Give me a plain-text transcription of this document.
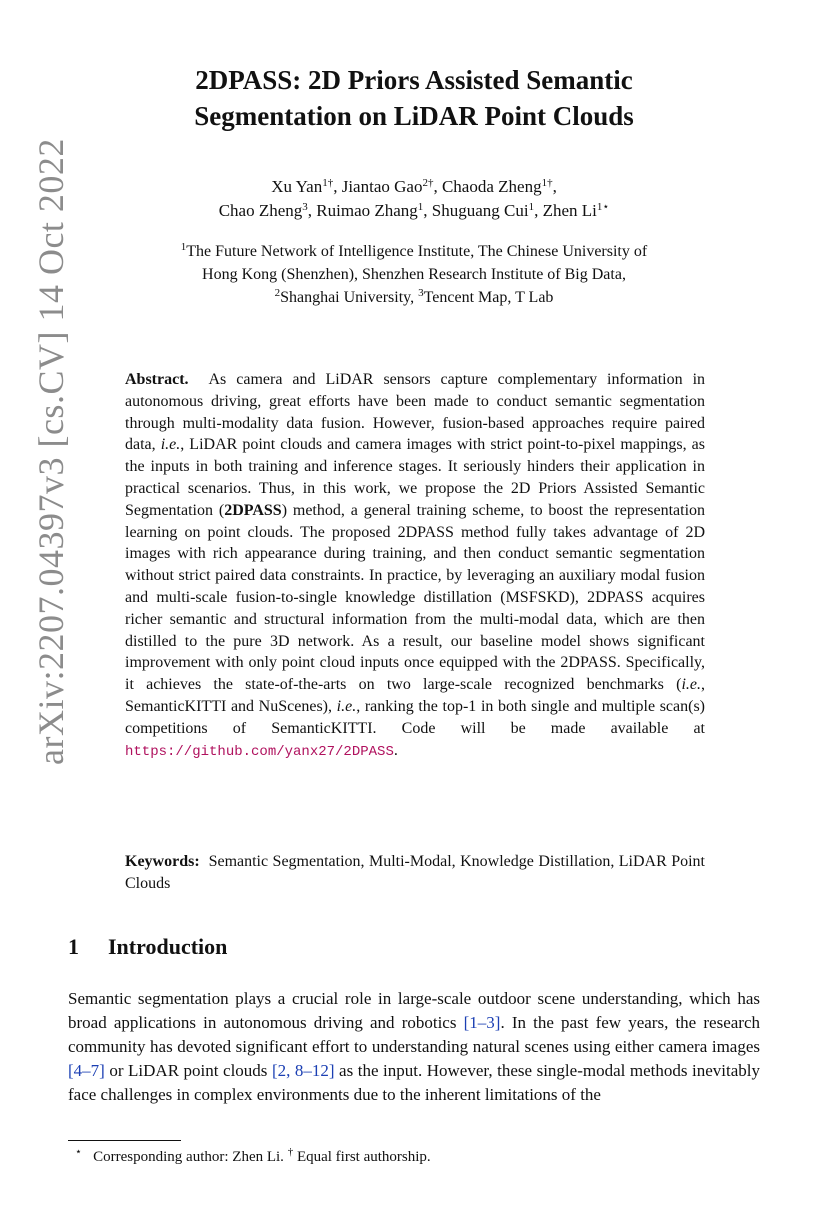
arXiv:2207.04397v3 [cs.CV] 14 Oct 2022
2DPASS: 2D Priors Assisted Semantic
Segmentation on LiDAR Point Clouds
Xu Yan$^{1\dagger}$, Jiantao Gao$^{2\dagger}$, Chaoda Zheng$^{1\dagger}$,
Chao Zheng$^3$, Ruimao Zhang$^1$, Shuguang Cui$^1$, Zhen $Li^{1⋆}$
$^1$The Future Network of Intelligence Institute, The Chinese University of
Hong Kong (Shenzhen), Shenzhen Research Institute of Big Data,
$^2$Shanghai University, $^3$Tencent Map, T Lab
Abstract. As camera and LiDAR sensors capture complementary information in autonomous driving, great efforts have been made to conduct semantic segmentation through multi-modality data fusion. However, fusion-based approaches require paired data, i.e., LiDAR point clouds and camera images with strict point-to-pixel mappings, as the inputs in both training and inference stages. It seriously hinders their application in practical scenarios. Thus, in this work, we propose the 2D Priors Assisted Semantic Segmentation (2DPASS) method, a general training scheme, to boost the representation learning on point clouds. The proposed 2DPASS method fully takes advantage of 2D images with rich appearance during training, and then conduct semantic segmentation without strict paired data constraints. In practice, by leveraging an auxiliary modal fusion and multi-scale fusion-to-single knowledge distillation (MSFSKD), 2DPASS acquires richer semantic and structural information from the multi-modal data, which are then distilled to the pure 3D network. As a result, our baseline model shows significant improvement with only point cloud inputs once equipped with the 2DPASS. Specifically, it achieves the state-of-the-arts on two large-scale recognized benchmarks (i.e., SemanticKITTI and NuScenes), i.e., ranking the top-1 in both single and multiple scan(s) competitions of SemanticKITTI. Code will be made available at https://github.com/yanx27/2DPASS.
Keywords: Semantic Segmentation, Multi-Modal, Knowledge Distillation, LiDAR Point Clouds
1 Introduction
Semantic segmentation plays a crucial role in large-scale outdoor scene understanding, which has broad applications in autonomous driving and robotics [1–3]. In the past few years, the research community has devoted significant effort to understanding natural scenes using either camera images [4–7] or LiDAR point clouds [2, 8–12] as the input. However, these single-modal methods inevitably face challenges in complex environments due to the inherent limitations of the
⋆ Corresponding author: Zhen Li. † Equal first authorship.
